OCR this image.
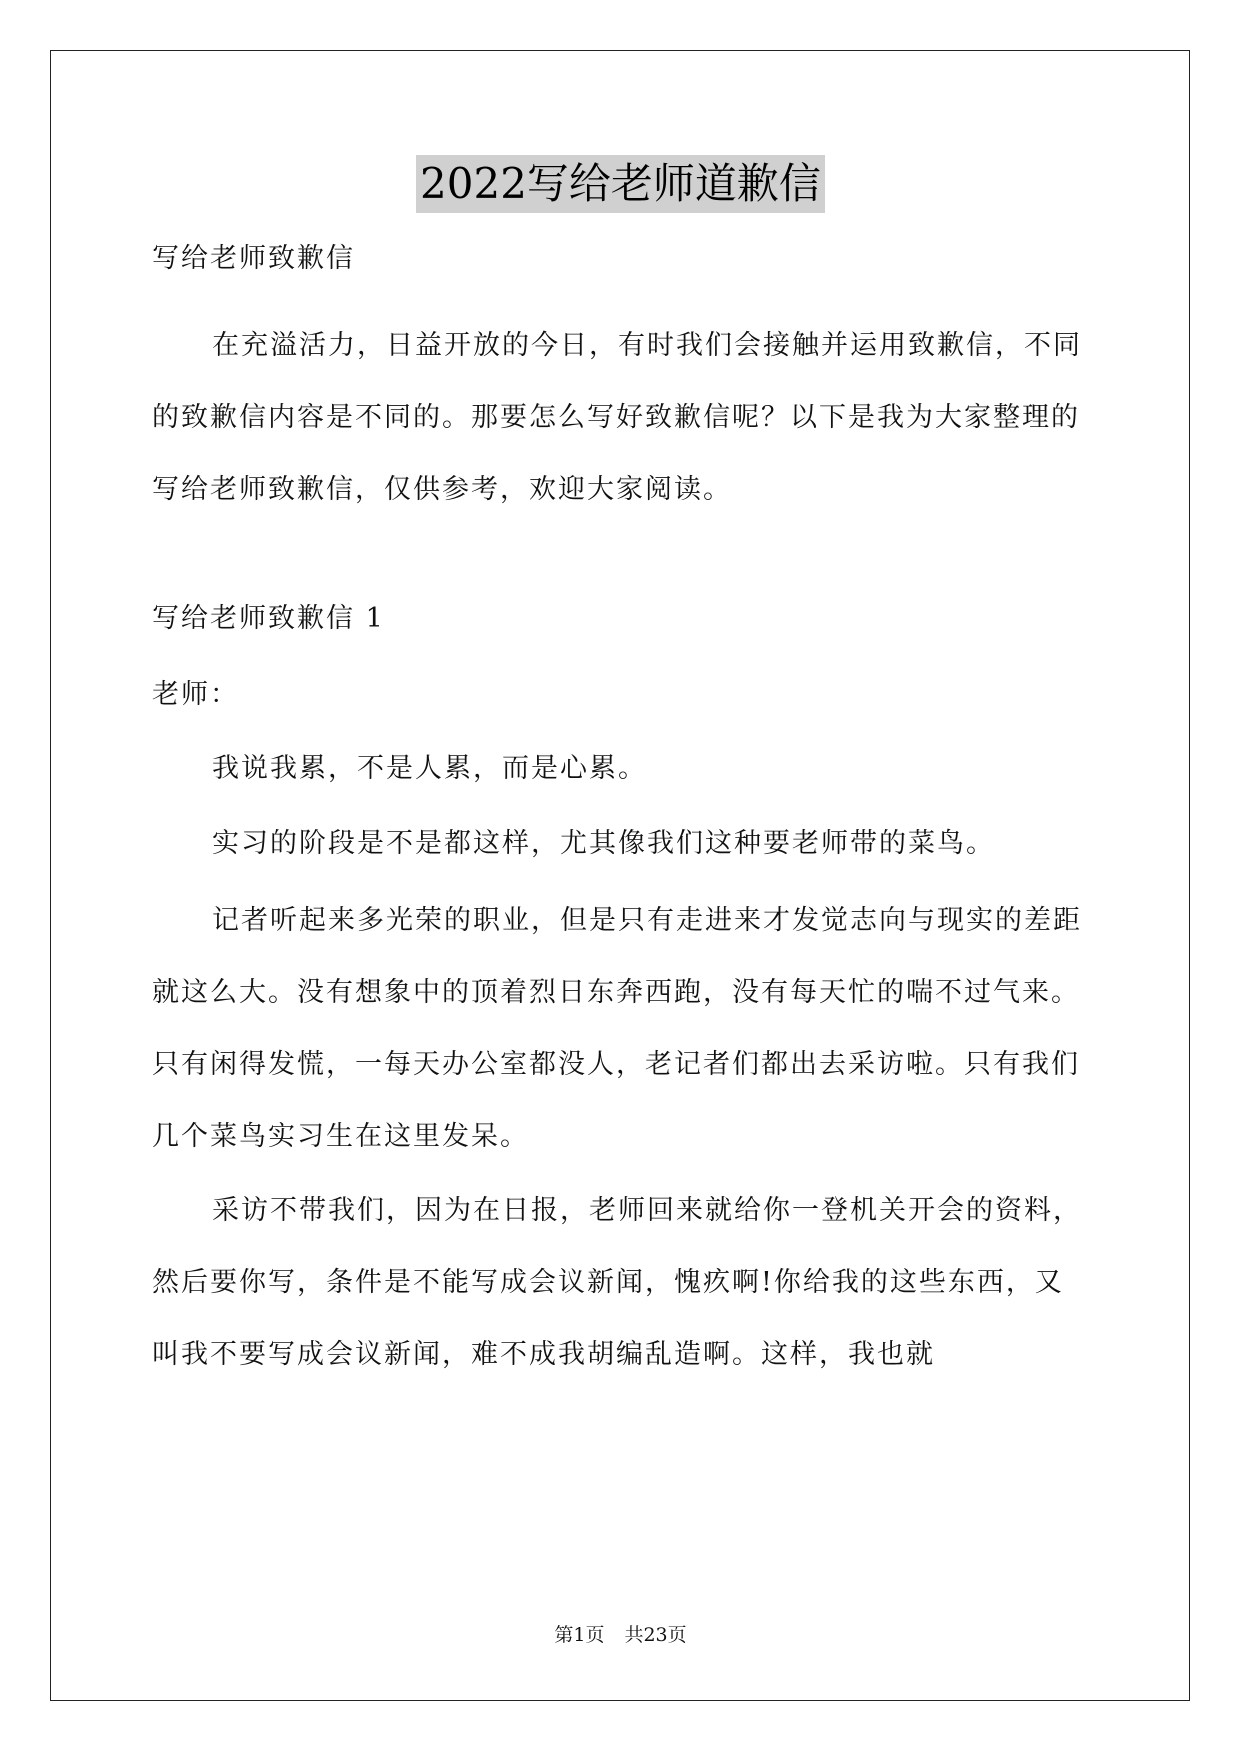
2022写给老师道歉信

写给老师致歉信

在充溢活力，日益开放的今日，有时我们会接触并运用致歉信，不同的致歉信内容是不同的。那要怎么写好致歉信呢？以下是我为大家整理的写给老师致歉信，仅供参考，欢迎大家阅读。

写给老师致歉信 1

老师：

我说我累，不是人累，而是心累。

实习的阶段是不是都这样，尤其像我们这种要老师带的菜鸟。

记者听起来多光荣的职业，但是只有走进来才发觉志向与现实的差距就这么大。没有想象中的顶着烈日东奔西跑，没有每天忙的喘不过气来。只有闲得发慌，一每天办公室都没人，老记者们都出去采访啦。只有我们几个菜鸟实习生在这里发呆。

采访不带我们，因为在日报，老师回来就给你一登机关开会的资料，然后要你写，条件是不能写成会议新闻，愧疚啊!你给我的这些东西，又叫我不要写成会议新闻，难不成我胡编乱造啊。这样，我也就

第1页 共23页
